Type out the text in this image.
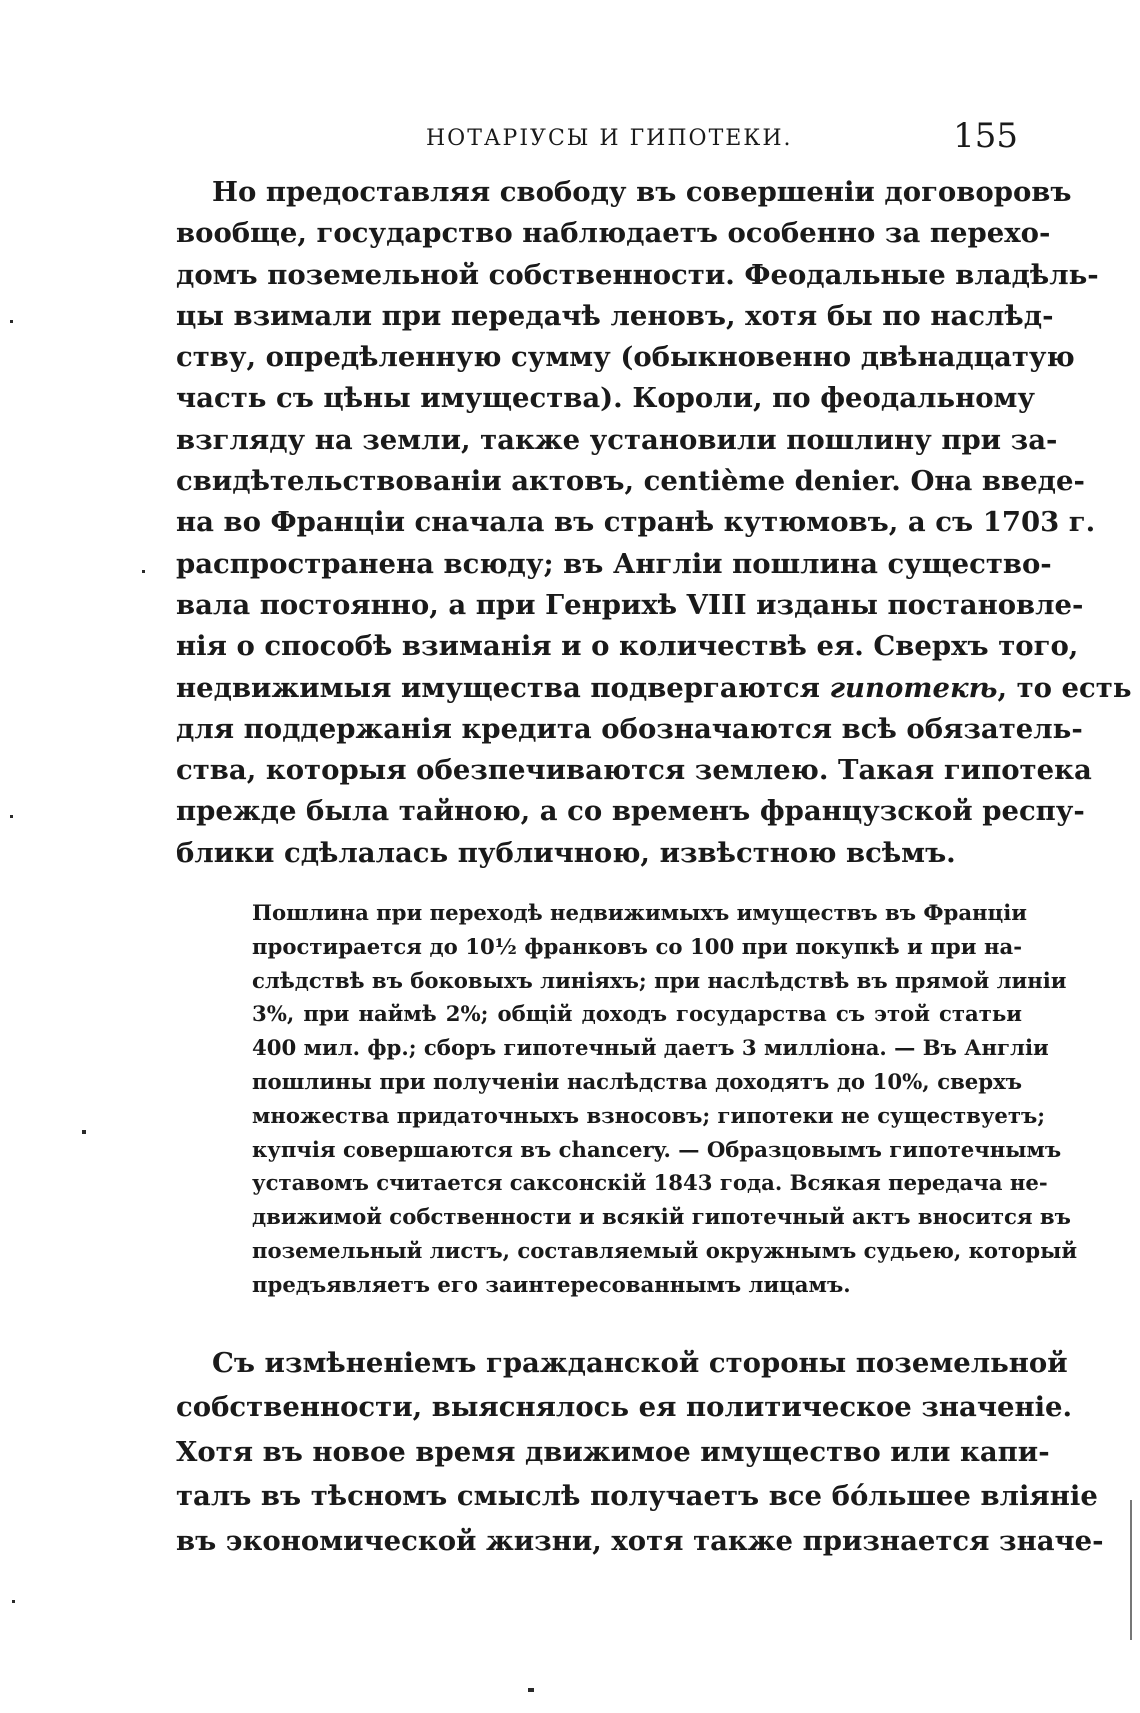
НОТАРІУСЫ И ГИПОТЕКИ.	155
Но предоставляя свободу въ совершеніи договоровъ
вообще, государство наблюдаетъ особенно за перехо-
домъ поземельной собственности. Феодальные владѣль-
цы взимали при передачѣ леновъ, хотя бы по наслѣд-
ству, опредѣленную сумму (обыкновенно двѣнадцатую
часть съ цѣны имущества). Короли, по феодальному
взгляду на земли, также установили пошлину при за-
свидѣтельствованіи актовъ, centième denier. Она введе-
на во Франціи сначала въ странѣ кутюмовъ, а съ 1703 г.
распространена всюду; въ Англіи пошлина существо-
вала постоянно, а при Генрихѣ VIII изданы постановле-
нія о способѣ взиманія и о количествѣ ея. Сверхъ того,
недвижимыя имущества подвергаются гипотекѣ, то есть
для поддержанія кредита обозначаются всѣ обязатель-
ства, которыя обезпечиваются землею. Такая гипотека
прежде была тайною, а со временъ французской респу-
блики сдѣлалась публичною, извѣстною всѣмъ.
Пошлина при переходѣ недвижимыхъ имуществъ въ Франціи
простирается до 10½ франковъ со 100 при покупкѣ и при на-
слѣдствѣ въ боковыхъ линіяхъ; при наслѣдствѣ въ прямой линіи
3%, при наймѣ 2%; общій доходъ государства съ этой статьи
400 мил. фр.; сборъ гипотечный даетъ 3 милліона. — Въ Англіи
пошлины при полученіи наслѣдства доходятъ до 10%, сверхъ
множества придаточныхъ взносовъ; гипотеки не существуетъ;
купчія совершаются въ chancery. — Образцовымъ гипотечнымъ
уставомъ считается саксонскій 1843 года. Всякая передача не-
движимой собственности и всякій гипотечный актъ вносится въ
поземельный листъ, составляемый окружнымъ судьею, который
предъявляетъ его заинтересованнымъ лицамъ.
Съ измѣненіемъ гражданской стороны поземельной
собственности, выяснялось ея политическое значеніе.
Хотя въ новое время движимое имущество или капи-
талъ въ тѣсномъ смыслѣ получаетъ все бóльшее вліяніе
въ экономической жизни, хотя также признается значе-
